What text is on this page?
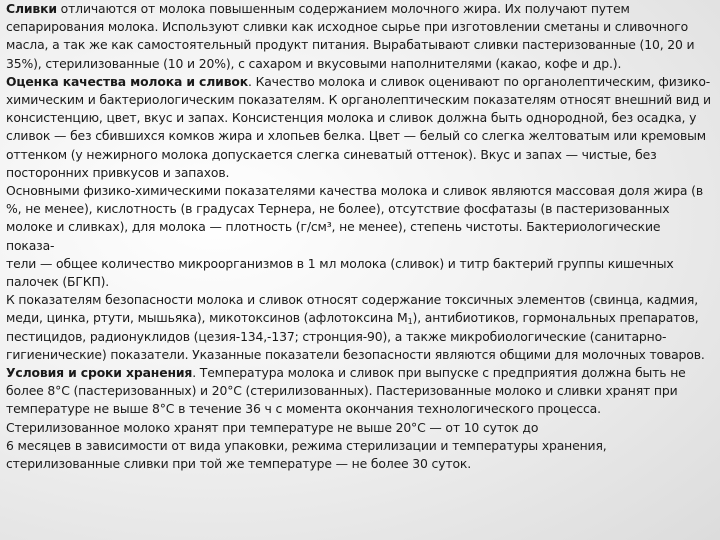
Сливки отличаются от молока повышенным содержанием молочного жира. Их получают путем сепарирования молока. Используют сливки как исходное сырье при изготовлении сметаны и сливочного масла, а так же как самостоятельный продукт питания. Вырабатывают сливки пастеризованные (10, 20 и 35%), стерилизованные (10 и 20%), с сахаром и вкусовыми наполнителями (какао, кофе и др.).

Оценка качества молока и сливок. Качество молока и сливок оценивают по органолептическим, физико-химическим и бактериологическим показателям. К органолептическим показателям относят внешний вид и консистенцию, цвет, вкус и запах. Консистенция молока и сливок должна быть однородной, без осадка, у сливок — без сбившихся комков жира и хлопьев белка. Цвет — белый со слегка желтоватым или кремовым оттенком (у нежирного молока допускается слегка синеватый оттенок). Вкус и запах — чистые, без посторонних привкусов и запахов.

Основными физико-химическими показателями качества молока и сливок являются массовая доля жира (в %, не менее), кислотность (в градусах Тернера, не более), отсутствие фосфатазы (в пастеризованных молоке и сливках), для молока — плотность (г/см³, не менее), степень чистоты. Бактериологические показа-

тели — общее количество микроорганизмов в 1 мл молока (сливок) и титр бактерий группы кишечных палочек (БГКП).

К показателям безопасности молока и сливок относят содержание токсичных элементов (свинца, кадмия, меди, цинка, ртути, мышьяка), микотоксинов (афлотоксина $М_1$), антибиотиков, гормональных препаратов, пестицидов, радионуклидов (цезия-134,-137; стронция-90), а также микробиологические (санитарно-гигиенические) показатели. Указанные показатели безопасности являются общими для молочных товаров.

Условия и сроки хранения. Температура молока и сливок при выпуске с предприятия должна быть не более 8°С (пастеризованных) и 20°С (стерилизованных). Пастеризованные молоко и сливки хранят при температуре не выше 8°С в течение 36 ч с момента окончания технологического процесса. Стерилизованное молоко хранят при температуре не выше 20°С — от 10 суток до

6 месяцев в зависимости от вида упаковки, режима стерилизации и температуры хранения, стерилизованные сливки при той же температуре — не более 30 суток.
